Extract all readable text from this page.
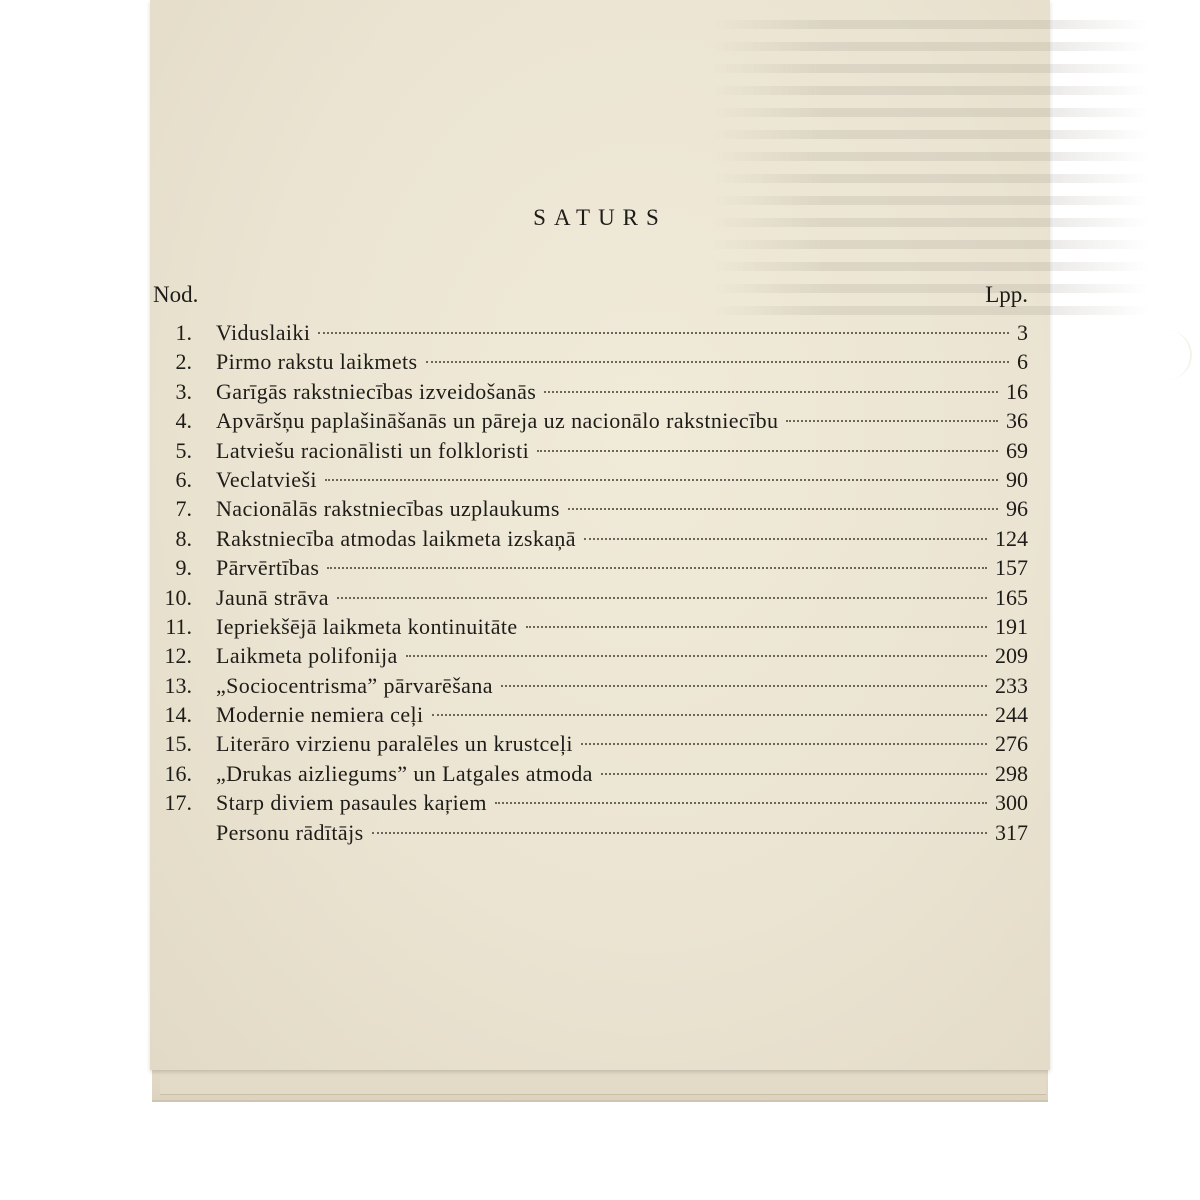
SATURS
Nod.	Lpp.
1. Viduslaiki	3
2. Pirmo rakstu laikmets	6
3. Garīgās rakstniecības izveidošanās	16
4. Apvāršņu paplašināšanās un pāreja uz nacionālo rakstniecību	36
5. Latviešu racionālisti un folkloristi	69
6. Veclatvieši	90
7. Nacionālās rakstniecības uzplaukums	96
8. Rakstniecība atmodas laikmeta izskaņā	124
9. Pārvērtības	157
10. Jaunā strāva	165
11. Iepriekšējā laikmeta kontinuitāte	191
12. Laikmeta polifonija	209
13. „Sociocentrisma” pārvarēšana	233
14. Modernie nemiera ceļi	244
15. Literāro virzienu paralēles un krustceļi	276
16. „Drukas aizliegums” un Latgales atmoda	298
17. Starp diviem pasaules kaŗiem	300
Personu rādītājs	317
